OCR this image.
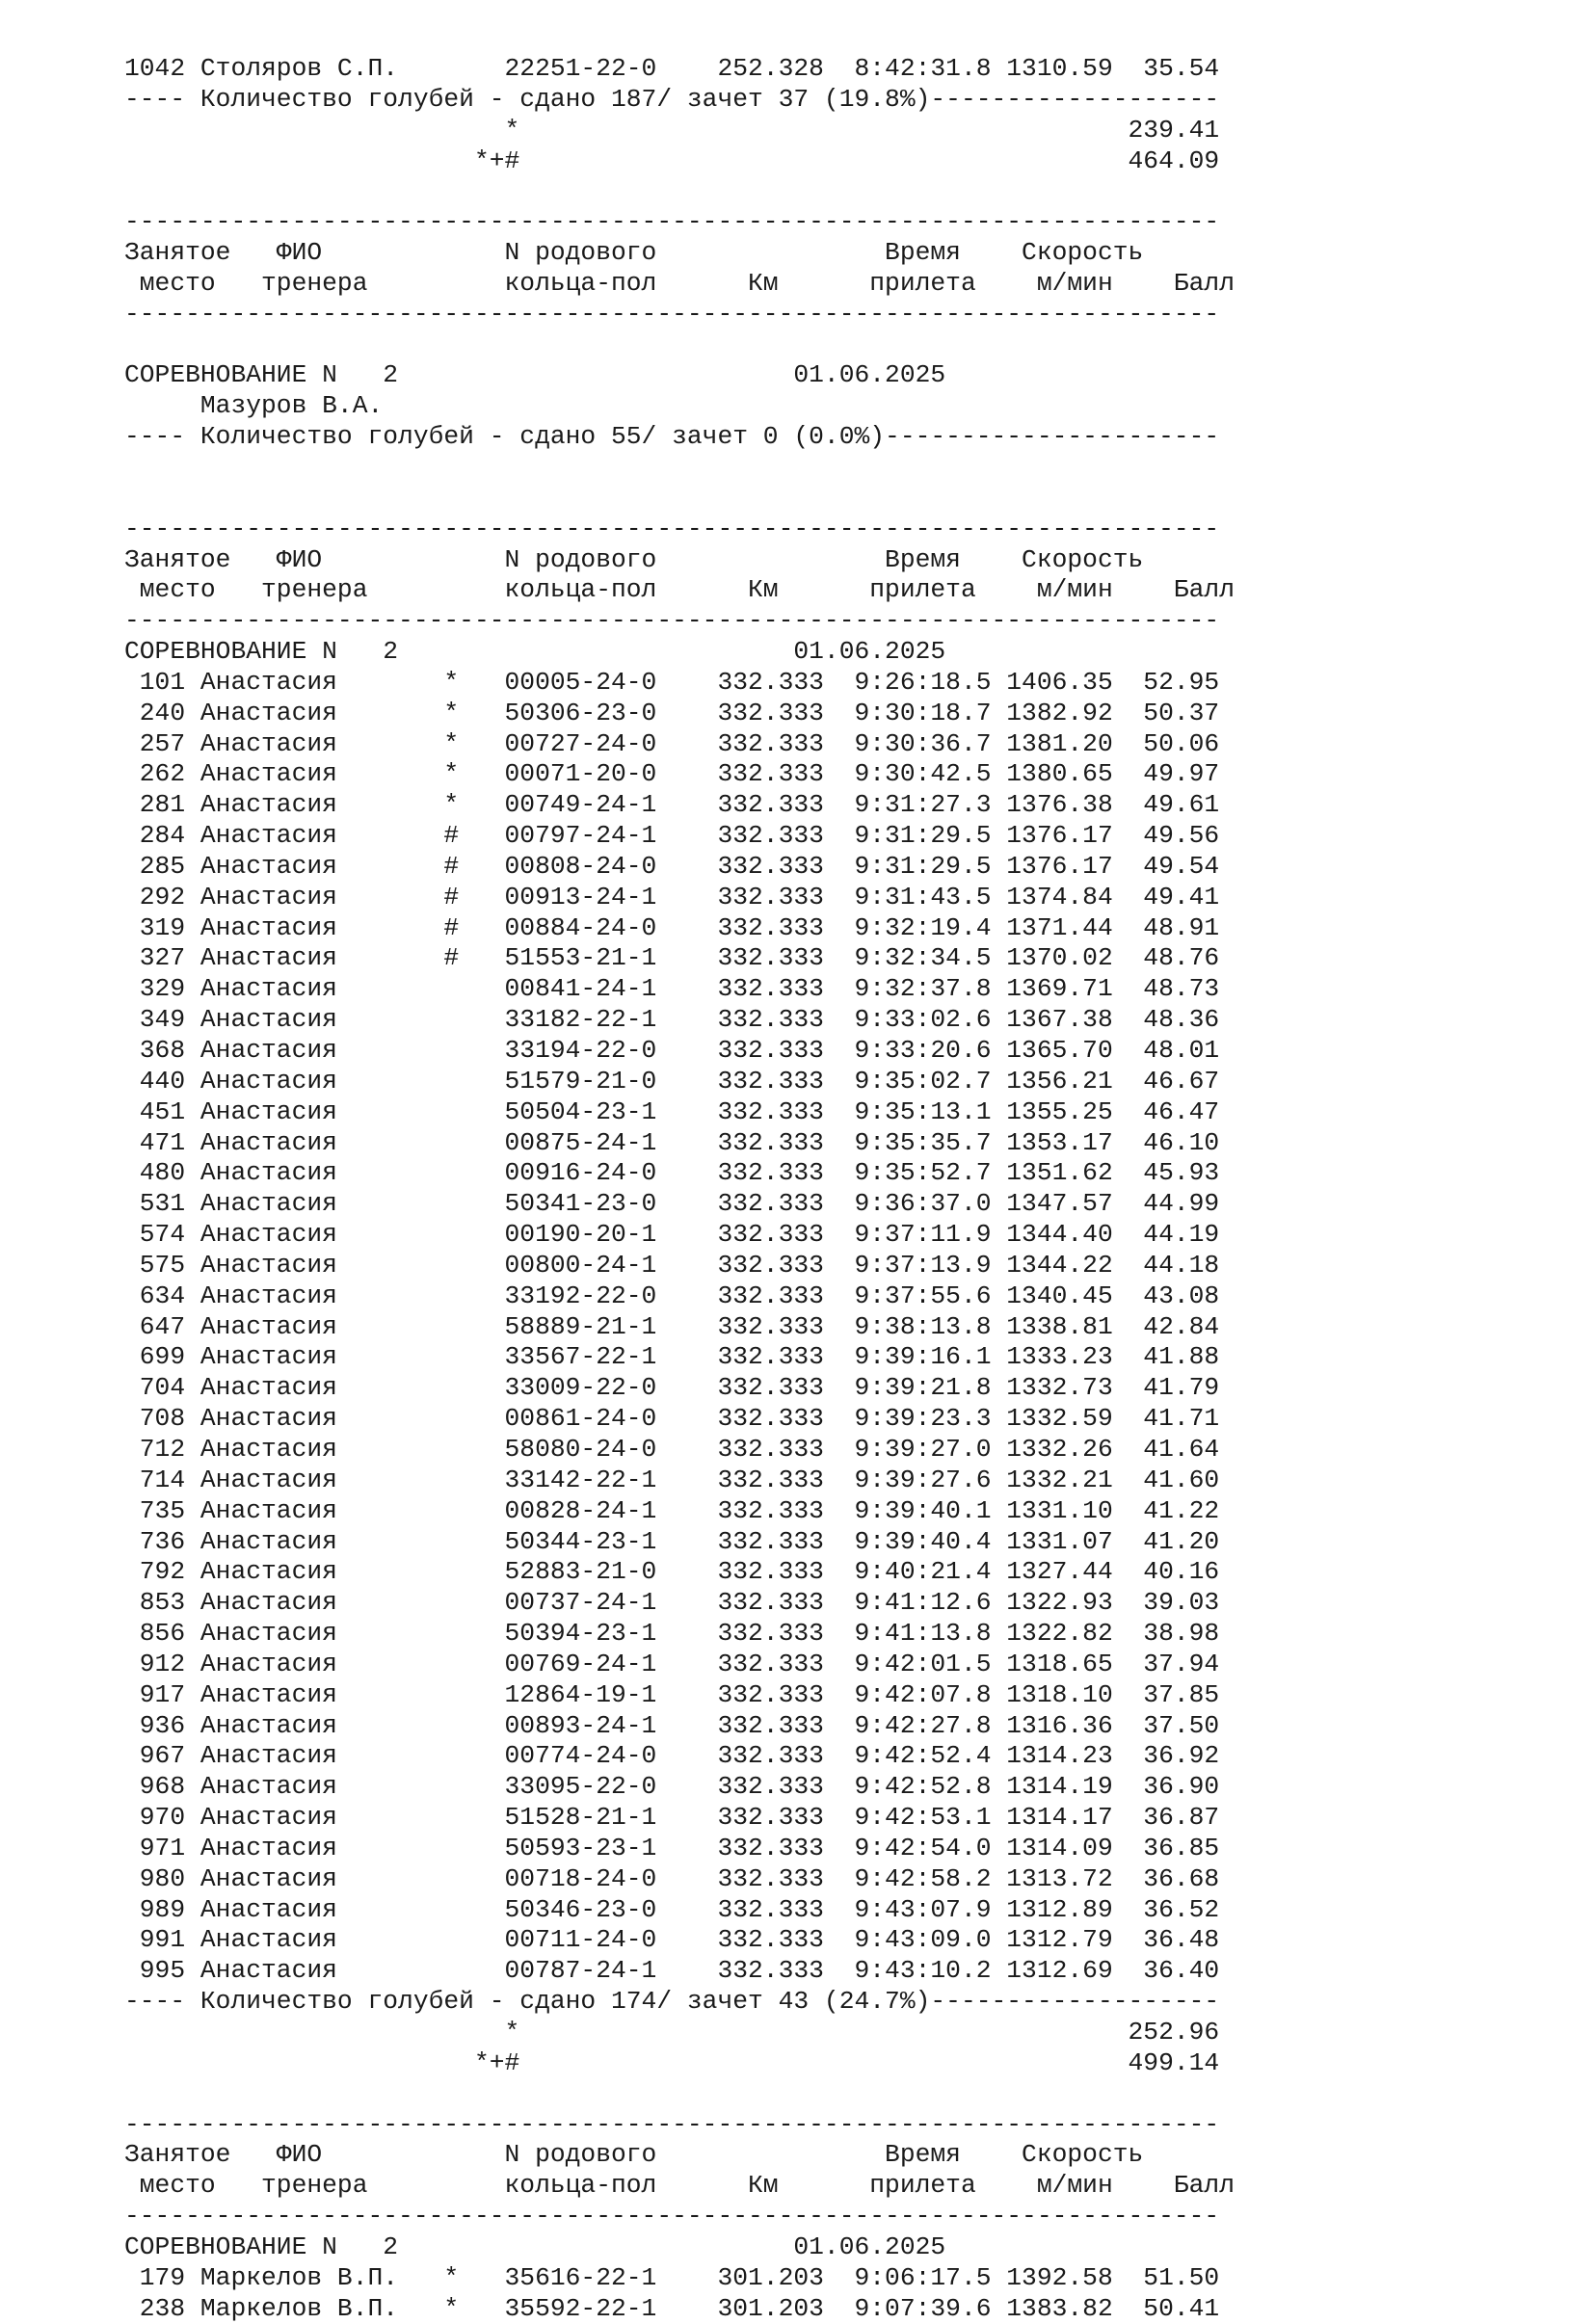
1042 Столяров С.П.       22251-22-0    252.328  8:42:31.8 1310.59  35.54
---- Количество голубей - сдано 187/ зачет 37 (19.8%)-------------------
*                                        239.41
*+#                                        464.09
------------------------------------------------------------------------
Занятое   ФИО            N родового               Время    Скорость
место   тренера         кольца-пол      Км      прилета    м/мин    Балл
------------------------------------------------------------------------
СОРЕВНОВАНИЕ N   2                          01.06.2025
Мазуров В.А.
---- Количество голубей - сдано 55/ зачет 0 (0.0%)----------------------
------------------------------------------------------------------------
Занятое   ФИО            N родового               Время    Скорость
место   тренера         кольца-пол      Км      прилета    м/мин    Балл
------------------------------------------------------------------------
СОРЕВНОВАНИЕ N   2                          01.06.2025
101 Анастасия       *   00005-24-0    332.333  9:26:18.5 1406.35  52.95
240 Анастасия       *   50306-23-0    332.333  9:30:18.7 1382.92  50.37
257 Анастасия       *   00727-24-0    332.333  9:30:36.7 1381.20  50.06
262 Анастасия       *   00071-20-0    332.333  9:30:42.5 1380.65  49.97
281 Анастасия       *   00749-24-1    332.333  9:31:27.3 1376.38  49.61
284 Анастасия       #   00797-24-1    332.333  9:31:29.5 1376.17  49.56
285 Анастасия       #   00808-24-0    332.333  9:31:29.5 1376.17  49.54
292 Анастасия       #   00913-24-1    332.333  9:31:43.5 1374.84  49.41
319 Анастасия       #   00884-24-0    332.333  9:32:19.4 1371.44  48.91
327 Анастасия       #   51553-21-1    332.333  9:32:34.5 1370.02  48.76
329 Анастасия           00841-24-1    332.333  9:32:37.8 1369.71  48.73
349 Анастасия           33182-22-1    332.333  9:33:02.6 1367.38  48.36
368 Анастасия           33194-22-0    332.333  9:33:20.6 1365.70  48.01
440 Анастасия           51579-21-0    332.333  9:35:02.7 1356.21  46.67
451 Анастасия           50504-23-1    332.333  9:35:13.1 1355.25  46.47
471 Анастасия           00875-24-1    332.333  9:35:35.7 1353.17  46.10
480 Анастасия           00916-24-0    332.333  9:35:52.7 1351.62  45.93
531 Анастасия           50341-23-0    332.333  9:36:37.0 1347.57  44.99
574 Анастасия           00190-20-1    332.333  9:37:11.9 1344.40  44.19
575 Анастасия           00800-24-1    332.333  9:37:13.9 1344.22  44.18
634 Анастасия           33192-22-0    332.333  9:37:55.6 1340.45  43.08
647 Анастасия           58889-21-1    332.333  9:38:13.8 1338.81  42.84
699 Анастасия           33567-22-1    332.333  9:39:16.1 1333.23  41.88
704 Анастасия           33009-22-0    332.333  9:39:21.8 1332.73  41.79
708 Анастасия           00861-24-0    332.333  9:39:23.3 1332.59  41.71
712 Анастасия           58080-24-0    332.333  9:39:27.0 1332.26  41.64
714 Анастасия           33142-22-1    332.333  9:39:27.6 1332.21  41.60
735 Анастасия           00828-24-1    332.333  9:39:40.1 1331.10  41.22
736 Анастасия           50344-23-1    332.333  9:39:40.4 1331.07  41.20
792 Анастасия           52883-21-0    332.333  9:40:21.4 1327.44  40.16
853 Анастасия           00737-24-1    332.333  9:41:12.6 1322.93  39.03
856 Анастасия           50394-23-1    332.333  9:41:13.8 1322.82  38.98
912 Анастасия           00769-24-1    332.333  9:42:01.5 1318.65  37.94
917 Анастасия           12864-19-1    332.333  9:42:07.8 1318.10  37.85
936 Анастасия           00893-24-1    332.333  9:42:27.8 1316.36  37.50
967 Анастасия           00774-24-0    332.333  9:42:52.4 1314.23  36.92
968 Анастасия           33095-22-0    332.333  9:42:52.8 1314.19  36.90
970 Анастасия           51528-21-1    332.333  9:42:53.1 1314.17  36.87
971 Анастасия           50593-23-1    332.333  9:42:54.0 1314.09  36.85
980 Анастасия           00718-24-0    332.333  9:42:58.2 1313.72  36.68
989 Анастасия           50346-23-0    332.333  9:43:07.9 1312.89  36.52
991 Анастасия           00711-24-0    332.333  9:43:09.0 1312.79  36.48
995 Анастасия           00787-24-1    332.333  9:43:10.2 1312.69  36.40
---- Количество голубей - сдано 174/ зачет 43 (24.7%)-------------------
*                                        252.96
*+#                                        499.14
------------------------------------------------------------------------
Занятое   ФИО            N родового               Время    Скорость
место   тренера         кольца-пол      Км      прилета    м/мин    Балл
------------------------------------------------------------------------
СОРЕВНОВАНИЕ N   2                          01.06.2025
179 Маркелов В.П.   *   35616-22-1    301.203  9:06:17.5 1392.58  51.50
238 Маркелов В.П.   *   35592-22-1    301.203  9:07:39.6 1383.82  50.41
